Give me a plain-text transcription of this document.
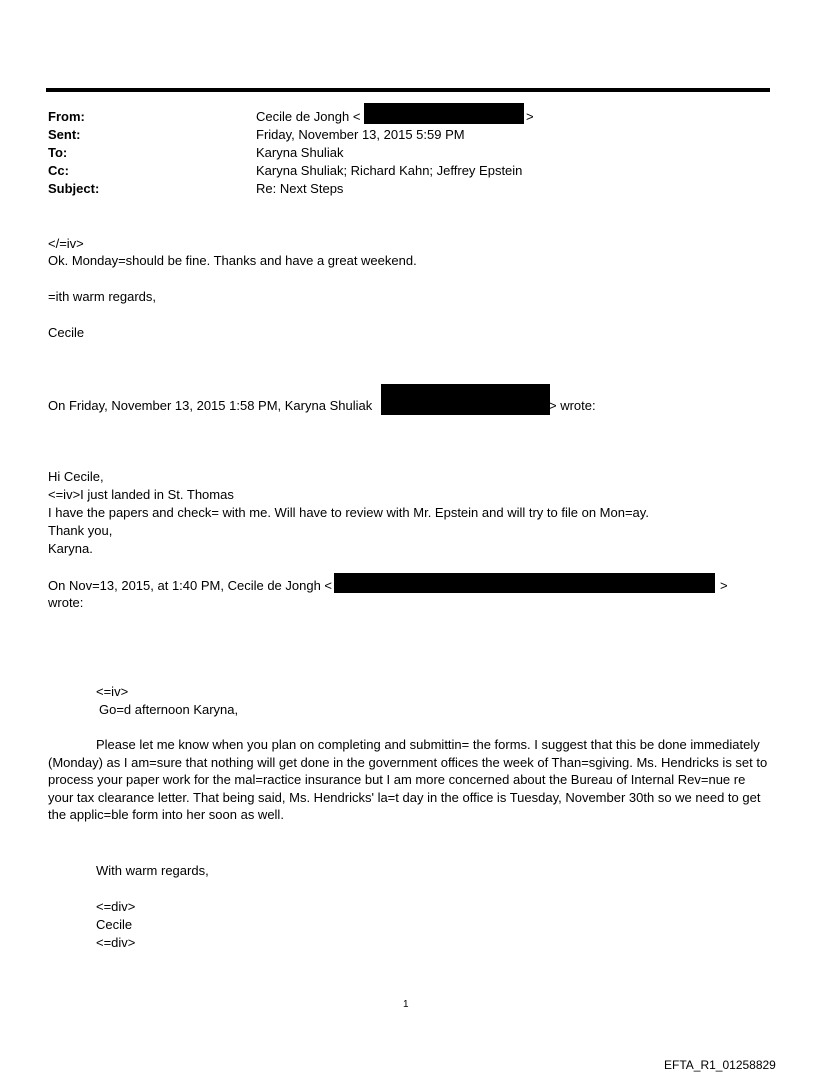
From:	Cecile de Jongh <	>
Sent:	Friday, November 13, 2015 5:59 PM
To:	Karyna Shuliak
Cc:	Karyna Shuliak; Richard Kahn; Jeffrey Epstein
Subject:	Re: Next Steps
</=iv>
Ok. Monday=should be fine. Thanks and have a great weekend.
=ith warm regards,
Cecile
On Friday, November 13, 2015 1:58 PM, Karyna Shuliak	> wrote:
Hi Cecile,
<=iv>I just landed in St. Thomas
I have the papers and check= with me. Will have to review with Mr. Epstein and will try to file on Mon=ay.
Thank you,
Karyna.
On Nov=13, 2015, at 1:40 PM, Cecile de Jongh <	>
wrote:
<=iv>
Go=d afternoon Karyna,
Please let me know when you plan on completing and submittin= the forms. I suggest that this be done immediately (Monday) as I am=sure that nothing will get done in the government offices the week of Than=sgiving. Ms. Hendricks is set to process your paper work for the mal=ractice insurance but I am more concerned about the Bureau of Internal Rev=nue re your tax clearance letter. That being said, Ms. Hendricks' la=t day in the office is Tuesday, November 30th so we need to get the applic=ble form into her soon as well.
With warm regards,
<=div>
Cecile
<=div>
1
EFTA_R1_01258829
